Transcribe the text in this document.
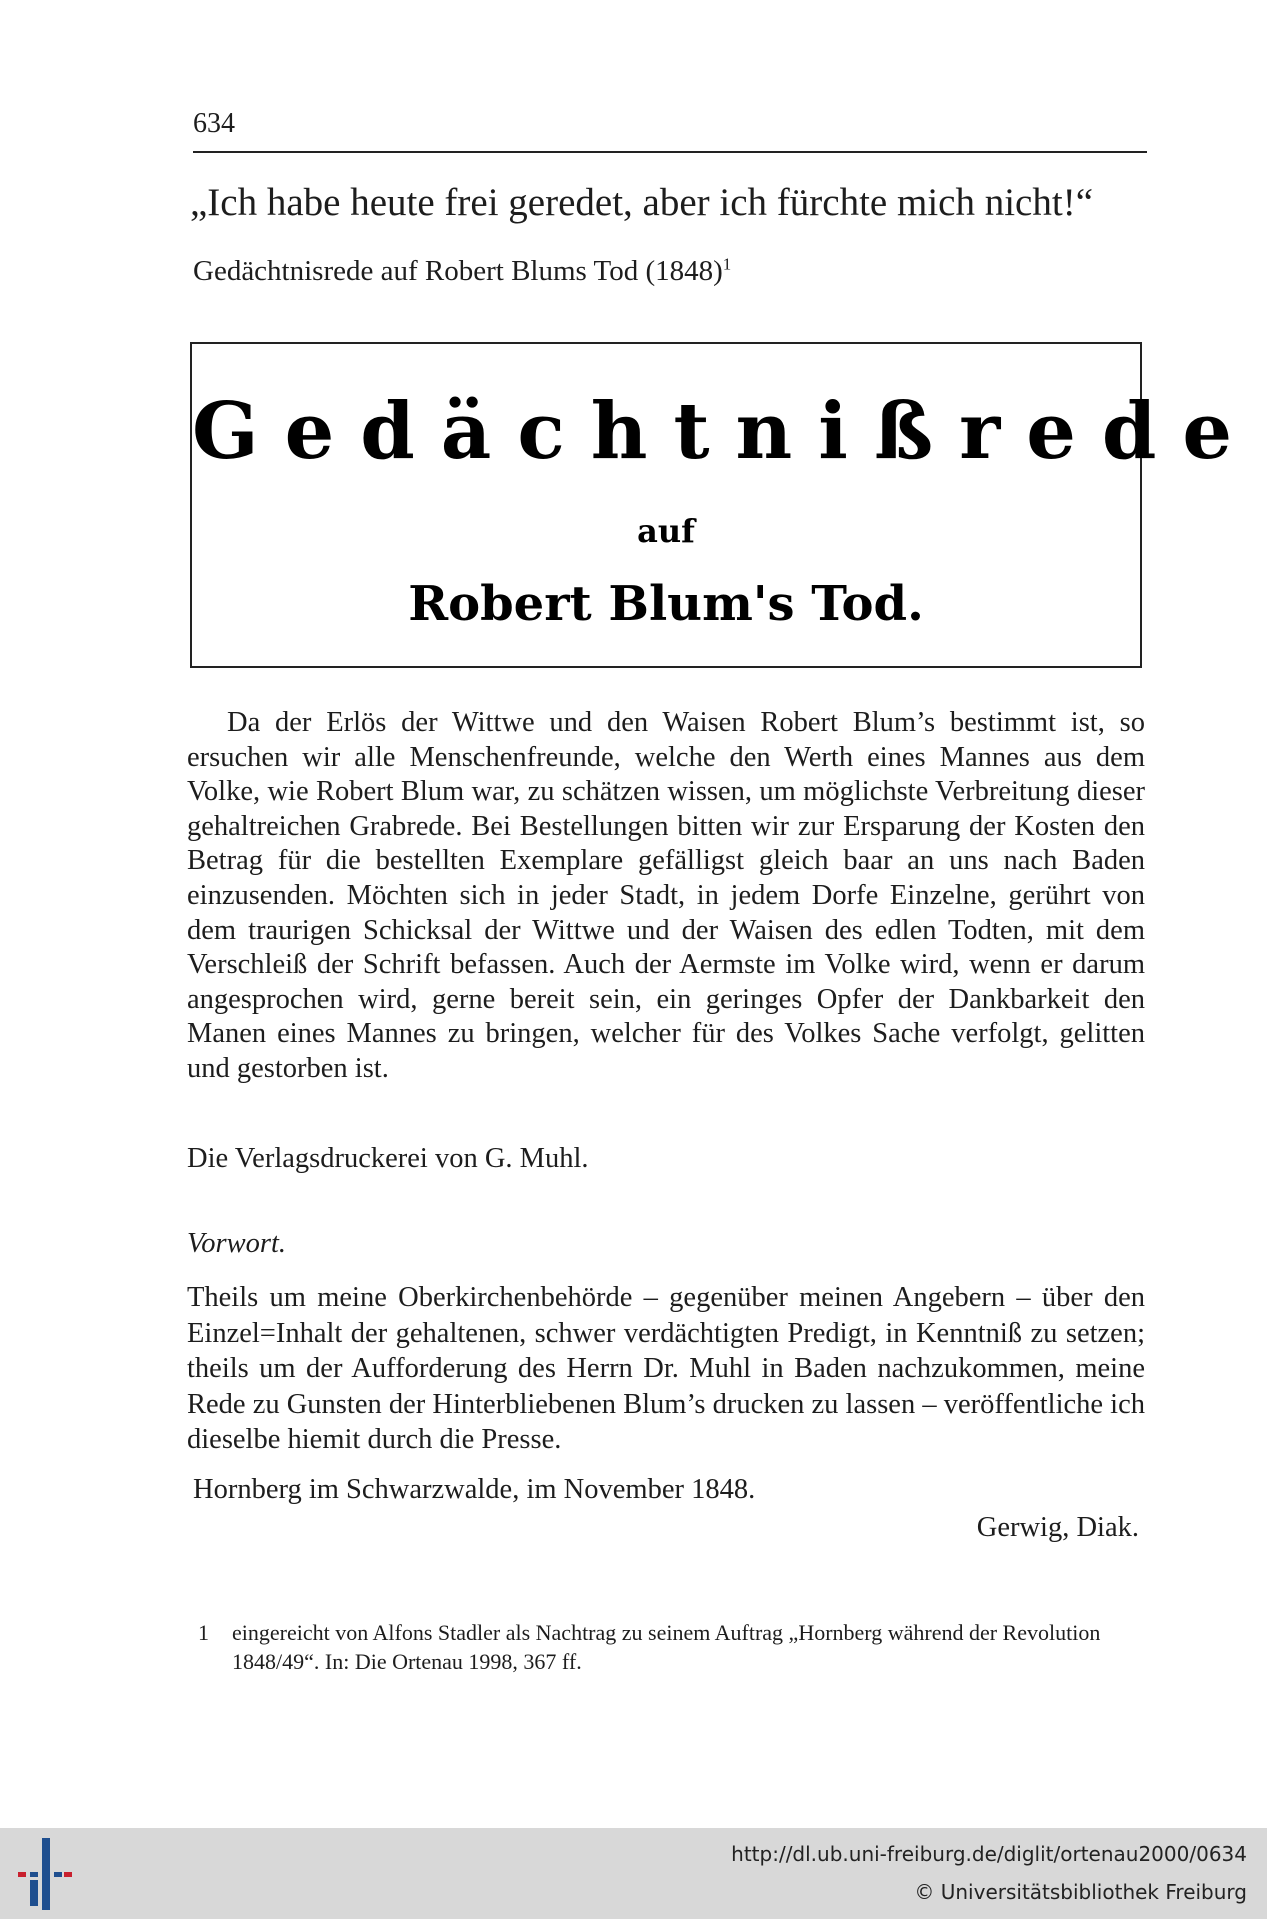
634
„Ich habe heute frei geredet, aber ich fürchte mich nicht!“
Gedächtnisrede auf Robert Blums Tod $(1848)^1$
Gedächtnißrede
auf
Robert Blum's Tod.

Da der Erlös der Wittwe und den Waisen Robert Blum’s bestimmt ist, so ersuchen wir alle Menschenfreunde, welche den Werth eines Mannes aus dem Volke, wie Robert Blum war, zu schätzen wissen, um möglichste Verbreitung dieser gehaltreichen Grabrede. Bei Bestellungen bitten wir zur Ersparung der Kosten den Betrag für die bestellten Exemplare gefälligst gleich baar an uns nach Baden einzusenden. Möchten sich in jeder Stadt, in jedem Dorfe Einzelne, gerührt von dem traurigen Schicksal der Wittwe und der Waisen des edlen Todten, mit dem Verschleiß der Schrift befassen. Auch der Aermste im Volke wird, wenn er darum angesprochen wird, gerne bereit sein, ein geringes Opfer der Dankbarkeit den Manen eines Mannes zu bringen, welcher für des Volkes Sache verfolgt, gelitten und gestorben ist.

Die Verlagsdruckerei von G. Muhl.
Vorwort.

Theils um meine Oberkirchenbehörde – gegenüber meinen Angebern – über den Einzel=Inhalt der gehaltenen, schwer verdächtigten Predigt, in Kenntniß zu setzen; theils um der Aufforderung des Herrn Dr. Muhl in Baden nachzukommen, meine Rede zu Gunsten der Hinterbliebenen Blum’s drucken zu lassen – veröffentliche ich dieselbe hiemit durch die Presse.

Hornberg im Schwarzwalde, im November 1848.
Gerwig, Diak.
1 eingereicht von Alfons Stadler als Nachtrag zu seinem Auftrag „Hornberg während der Revolution 1848/49“. In: Die Ortenau 1998, 367 ff.
http://dl.ub.uni-freiburg.de/diglit/ortenau2000/0634
© Universitätsbibliothek Freiburg
